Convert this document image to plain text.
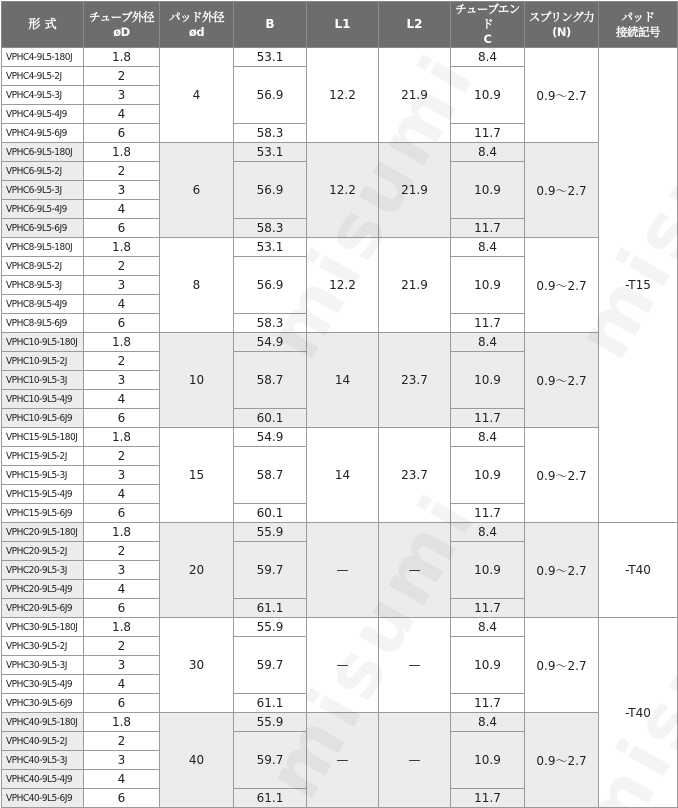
形 式	チューブ外径
øD	パッド外径
ød	B	L1	L2	チューブエンド
C	スプリング力
(N)	パッド
接続記号
VPHC4-9L5-180J	1.8	4	53.1	12.2	21.9	8.4	0.9～2.7	-T15
VPHC4-9L5-2J	2		56.9			10.9		
VPHC4-9L5-3J	3							
VPHC4-9L5-4J9	4							
VPHC4-9L5-6J9	6		58.3			11.7		
VPHC6-9L5-180J	1.8	6	53.1	12.2	21.9	8.4	0.9～2.7	
VPHC6-9L5-2J	2		56.9			10.9		
VPHC6-9L5-3J	3							
VPHC6-9L5-4J9	4							
VPHC6-9L5-6J9	6		58.3			11.7		
VPHC8-9L5-180J	1.8	8	53.1	12.2	21.9	8.4	0.9～2.7	
VPHC8-9L5-2J	2		56.9			10.9		
VPHC8-9L5-3J	3							
VPHC8-9L5-4J9	4							
VPHC8-9L5-6J9	6		58.3			11.7		
VPHC10-9L5-180J	1.8	10	54.9	14	23.7	8.4	0.9～2.7	
VPHC10-9L5-2J	2		58.7			10.9		
VPHC10-9L5-3J	3							
VPHC10-9L5-4J9	4							
VPHC10-9L5-6J9	6		60.1			11.7		
VPHC15-9L5-180J	1.8	15	54.9	14	23.7	8.4	0.9～2.7	
VPHC15-9L5-2J	2		58.7			10.9		
VPHC15-9L5-3J	3							
VPHC15-9L5-4J9	4							
VPHC15-9L5-6J9	6		60.1			11.7		
VPHC20-9L5-180J	1.8	20	55.9	—	—	8.4	0.9～2.7	-T40
VPHC20-9L5-2J	2		59.7			10.9		
VPHC20-9L5-3J	3							
VPHC20-9L5-4J9	4							
VPHC20-9L5-6J9	6		61.1			11.7		
VPHC30-9L5-180J	1.8	30	55.9	—	—	8.4	0.9～2.7	-T40
VPHC30-9L5-2J	2		59.7			10.9		
VPHC30-9L5-3J	3							
VPHC30-9L5-4J9	4							
VPHC30-9L5-6J9	6		61.1			11.7		
VPHC40-9L5-180J	1.8	40	55.9	—	—	8.4	0.9～2.7	
VPHC40-9L5-2J	2		59.7			10.9		
VPHC40-9L5-3J	3							
VPHC40-9L5-4J9	4							
VPHC40-9L5-6J9	6		61.1			11.7		
